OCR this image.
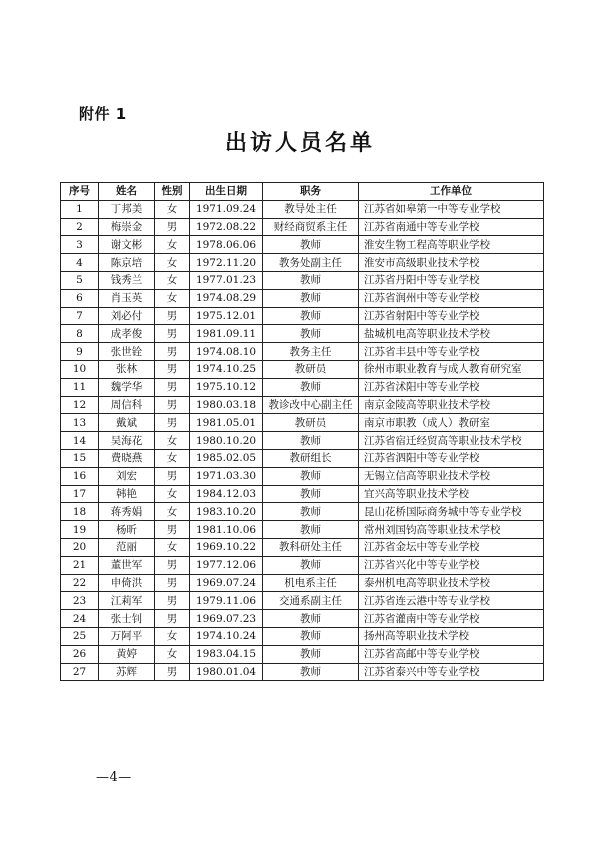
附件 1
出访人员名单
序号	姓名	性别	出生日期	职务	工作单位
1	丁邦美	女	1971.09.24	教导处主任	江苏省如皋第一中等专业学校
2	梅崇金	男	1972.08.22	财经商贸系主任	江苏省南通中等专业学校
3	谢文彬	女	1978.06.06	教师	淮安生物工程高等职业学校
4	陈京培	女	1972.11.20	教务处副主任	淮安市高级职业技术学校
5	钱秀兰	女	1977.01.23	教师	江苏省丹阳中等专业学校
6	肖玉英	女	1974.08.29	教师	江苏省润州中等专业学校
7	刘必付	男	1975.12.01	教师	江苏省射阳中等专业学校
8	成孝俊	男	1981.09.11	教师	盐城机电高等职业技术学校
9	张世铨	男	1974.08.10	教务主任	江苏省丰县中等专业学校
10	张林	男	1974.10.25	教研员	徐州市职业教育与成人教育研究室
11	魏学华	男	1975.10.12	教师	江苏省沭阳中等专业学校
12	周信科	男	1980.03.18	教诊改中心副主任	南京金陵高等职业技术学校
13	戴斌	男	1981.05.01	教研员	南京市职教（成人）教研室
14	吴海花	女	1980.10.20	教师	江苏省宿迁经贸高等职业技术学校
15	费晓燕	女	1985.02.05	教研组长	江苏省泗阳中等专业学校
16	刘宏	男	1971.03.30	教师	无锡立信高等职业技术学校
17	韩艳	女	1984.12.03	教师	宜兴高等职业技术学校
18	蒋秀娟	女	1983.10.20	教师	昆山花桥国际商务城中等专业学校
19	杨昕	男	1981.10.06	教师	常州刘国钧高等职业技术学校
20	范丽	女	1969.10.22	教科研处主任	江苏省金坛中等专业学校
21	董世军	男	1977.12.06	教师	江苏省兴化中等专业学校
22	申倚洪	男	1969.07.24	机电系主任	泰州机电高等职业技术学校
23	江莉军	男	1979.11.06	交通系副主任	江苏省连云港中等专业学校
24	张士钊	男	1969.07.23	教师	江苏省灌南中等专业学校
25	万阿平	女	1974.10.24	教师	扬州高等职业技术学校
26	黄婷	女	1983.04.15	教师	江苏省高邮中等专业学校
27	苏辉	男	1980.01.04	教师	江苏省泰兴中等专业学校
—4—
